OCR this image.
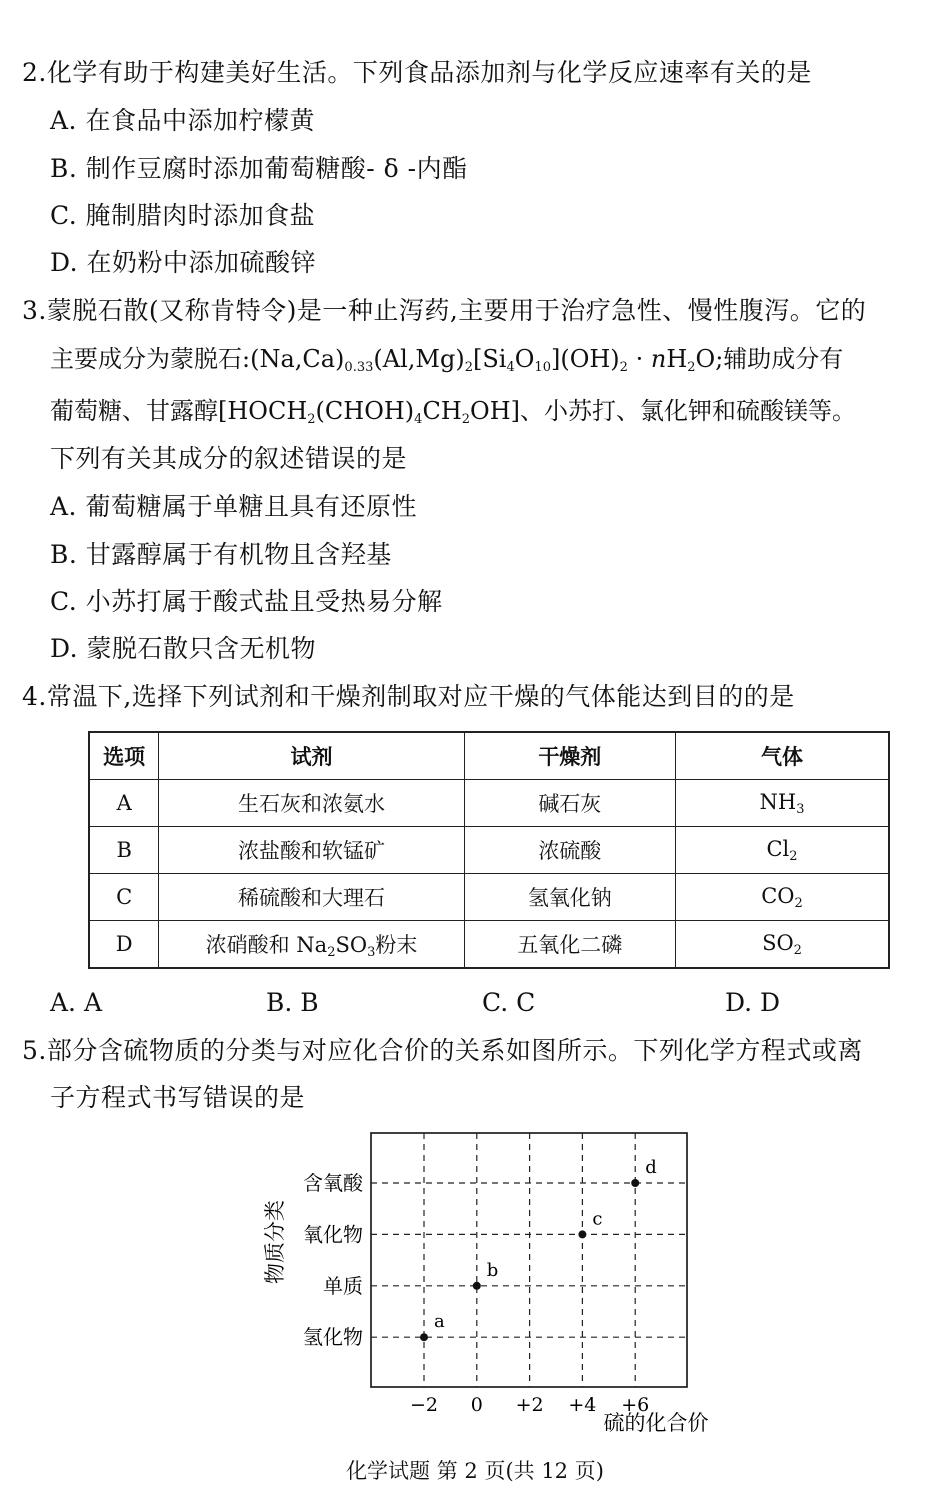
2.化学有助于构建美好生活。下列食品添加剂与化学反应速率有关的是
A. 在食品中添加柠檬黄
B. 制作豆腐时添加葡萄糖酸- δ -内酯
C. 腌制腊肉时添加食盐
D. 在奶粉中添加硫酸锌
3.蒙脱石散(又称肯特令)是一种止泻药,主要用于治疗急性、慢性腹泻。它的
主要成分为蒙脱石$:(Na,Ca)_{0.33}(Al,Mg)_2[Si_4O_{10}](OH)_2 \cdot nH_2O$;辅助成分有
葡萄糖、甘露醇$[HOCH_2(CHOH)_4CH_2OH]$、小苏打、氯化钾和硫酸镁等。
下列有关其成分的叙述错误的是
A. 葡萄糖属于单糖且具有还原性
B. 甘露醇属于有机物且含羟基
C. 小苏打属于酸式盐且受热易分解
D. 蒙脱石散只含无机物
4.常温下,选择下列试剂和干燥剂制取对应干燥的气体能达到目的的是
选项	试剂	干燥剂	气体
A	生石灰和浓氨水	碱石灰	$NH_3$
B	浓盐酸和软锰矿	浓硫酸	$Cl_2$
C	稀硫酸和大理石	氢氧化钠	$CO_2$
D	浓硝酸和 $Na_2SO_3$粉末	五氧化二磷	$SO_2$
A. A	B. B	C. C	D. D
5.部分含硫物质的分类与对应化合价的关系如图所示。下列化学方程式或离
子方程式书写错误的是
氢化物
单质
氧化物
含氧酸
−2 0 +2 +4 +6
a
b
c
d
物质分类
硫的化合价
化学试题 第 2 页(共 12 页)
